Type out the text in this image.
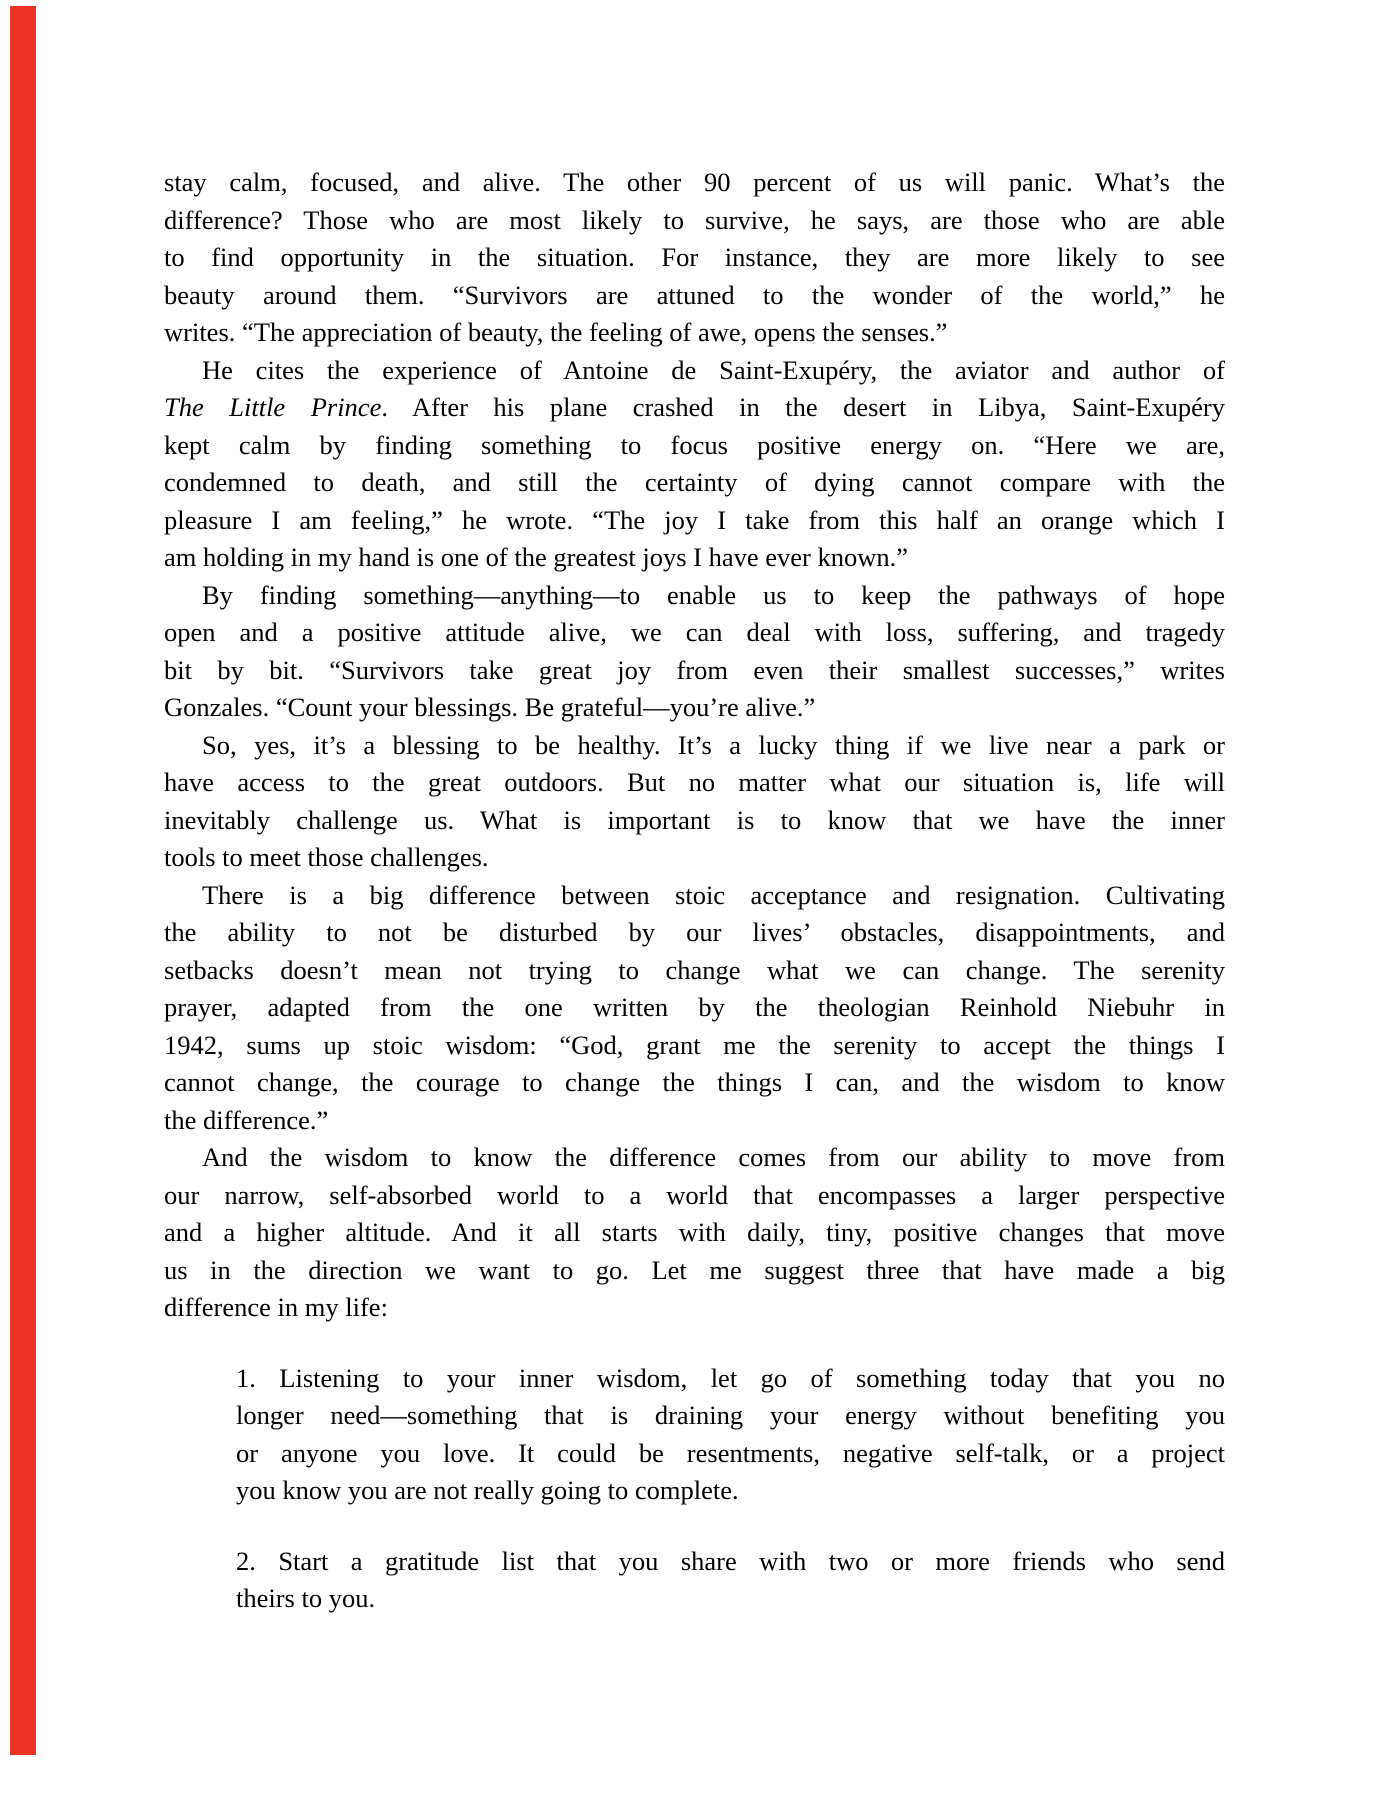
stay calm, focused, and alive. The other 90 percent of us will panic. What’s the
difference? Those who are most likely to survive, he says, are those who are able
to find opportunity in the situation. For instance, they are more likely to see
beauty around them. “Survivors are attuned to the wonder of the world,” he
writes. “The appreciation of beauty, the feeling of awe, opens the senses.”
He cites the experience of Antoine de Saint-Exupéry, the aviator and author of
The Little Prince. After his plane crashed in the desert in Libya, Saint-Exupéry
kept calm by finding something to focus positive energy on. “Here we are,
condemned to death, and still the certainty of dying cannot compare with the
pleasure I am feeling,” he wrote. “The joy I take from this half an orange which I
am holding in my hand is one of the greatest joys I have ever known.”
By finding something—anything—to enable us to keep the pathways of hope
open and a positive attitude alive, we can deal with loss, suffering, and tragedy
bit by bit. “Survivors take great joy from even their smallest successes,” writes
Gonzales. “Count your blessings. Be grateful—you’re alive.”
So, yes, it’s a blessing to be healthy. It’s a lucky thing if we live near a park or
have access to the great outdoors. But no matter what our situation is, life will
inevitably challenge us. What is important is to know that we have the inner
tools to meet those challenges.
There is a big difference between stoic acceptance and resignation. Cultivating
the ability to not be disturbed by our lives’ obstacles, disappointments, and
setbacks doesn’t mean not trying to change what we can change. The serenity
prayer, adapted from the one written by the theologian Reinhold Niebuhr in
1942, sums up stoic wisdom: “God, grant me the serenity to accept the things I
cannot change, the courage to change the things I can, and the wisdom to know
the difference.”
And the wisdom to know the difference comes from our ability to move from
our narrow, self-absorbed world to a world that encompasses a larger perspective
and a higher altitude. And it all starts with daily, tiny, positive changes that move
us in the direction we want to go. Let me suggest three that have made a big
difference in my life:
1. Listening to your inner wisdom, let go of something today that you no
longer need—something that is draining your energy without benefiting you
or anyone you love. It could be resentments, negative self-talk, or a project
you know you are not really going to complete.
2. Start a gratitude list that you share with two or more friends who send
theirs to you.
